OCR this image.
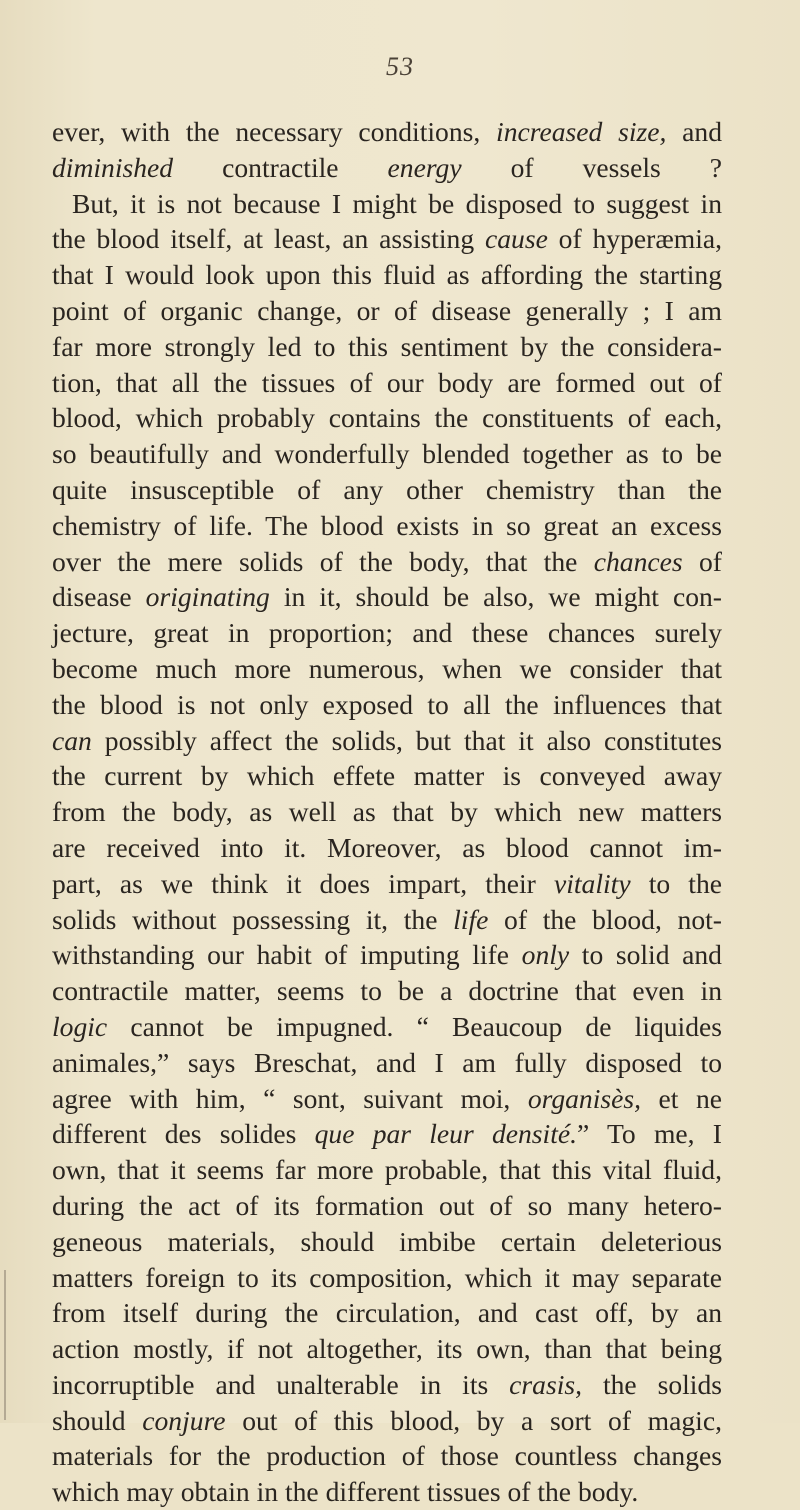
53
ever, with the necessary conditions, increased size, and
diminished contractile energy of vessels ?
But, it is not because I might be disposed to suggest in
the blood itself, at least, an assisting cause of hyperæmia,
that I would look upon this fluid as affording the starting
point of organic change, or of disease generally ; I am
far more strongly led to this sentiment by the considera-
tion, that all the tissues of our body are formed out of
blood, which probably contains the constituents of each,
so beautifully and wonderfully blended together as to be
quite insusceptible of any other chemistry than the
chemistry of life. The blood exists in so great an excess
over the mere solids of the body, that the chances of
disease originating in it, should be also, we might con-
jecture, great in proportion; and these chances surely
become much more numerous, when we consider that
the blood is not only exposed to all the influences that
can possibly affect the solids, but that it also constitutes
the current by which effete matter is conveyed away
from the body, as well as that by which new matters
are received into it. Moreover, as blood cannot im-
part, as we think it does impart, their vitality to the
solids without possessing it, the life of the blood, not-
withstanding our habit of imputing life only to solid and
contractile matter, seems to be a doctrine that even in
logic cannot be impugned. “ Beaucoup de liquides
animales,” says Breschat, and I am fully disposed to
agree with him, “ sont, suivant moi, organisès, et ne
different des solides que par leur densité.” To me, I
own, that it seems far more probable, that this vital fluid,
during the act of its formation out of so many hetero-
geneous materials, should imbibe certain deleterious
matters foreign to its composition, which it may separate
from itself during the circulation, and cast off, by an
action mostly, if not altogether, its own, than that being
incorruptible and unalterable in its crasis, the solids
should conjure out of this blood, by a sort of magic,
materials for the production of those countless changes
which may obtain in the different tissues of the body.
